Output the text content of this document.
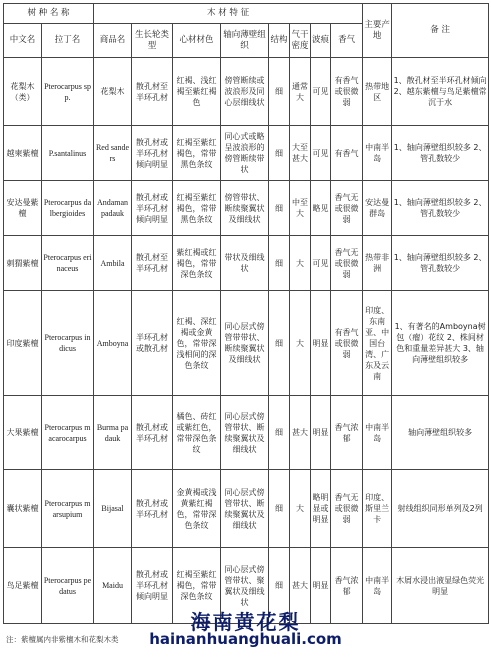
树 种 名 称		木 材 特 征								主要产地	备 注
中文名	拉丁名	商品名	生长轮类型	心材材色	轴向薄壁组织	结构	气干密度	波痕	香气		
花梨木（类）	Pterocarpus spp.	花梨木	散孔材至半环孔材	红褐、浅红褐至紫红褐色	傍管断续或波浪形及同心层细线状	细	通常大	可见	有香气或很微弱	热带地区	1、散孔材至半环孔材倾向 2、越东紫檀与鸟足紫檀常沉于水
越柬紫檀	P.santalinus	Red sanders	散孔材或半环孔材倾向明显	红褐至紫红褐色，常带黑色条纹	同心式或略呈波浪形的傍管断续带状	细	大至甚大	可见	有香气	中南半岛	1、轴向薄壁组织较多 2、管孔数较少
安达曼紫檀	Pterocarpus dalbergioides	Andaman padauk	散孔材或半环孔材倾向明显	红褐至紫红褐色，常带黑色条纹	傍管带状、断续聚翼状及细线状	细	中至大	略见	香气无或很微弱	安达曼群岛	1、轴向薄壁组织较多 2、管孔数较少
刺猬紫檀	Pterocarpus erinaceus	Ambila	散孔材至半环孔材	紫红褐或红褐色，常带深色条纹	带状及细线状	细	大	可见	香气无或很微弱	热带非洲	1、轴向薄壁组织较多 2、管孔数较少
印度紫檀	Pterocarpus indicus	Amboyna	半环孔材或散孔材	红褐、深红褐或金黄色，常带深浅相间的深色条纹	同心层式傍管带带状、断续聚翼状及细线状	细	大	明显	有香气或很微弱	印度、东南亚、中国台湾、广东及云南	1、有著名的Amboyna树包（瘤）花纹 2、株间材色和重量差异甚大 3、轴向薄壁组织较多
大果紫檀	Pterocarpus macarocarpus	Burma padauk	散孔材或半环孔材	橘色、砖红或紫红色，常带深色条纹	同心层式傍管带状、断续聚翼状及细线状	细	甚大	明显	香气浓郁	中南半岛	轴向薄壁组织较多
囊状紫檀	Pterocarpus marsupium	Bijasal	散孔材或半环孔材	金黄褐或浅黄紫红褐色，常带深色条纹	同心层式傍管带状、断续聚翼状及细线状	细	大	略明显或明显	香气无或很微弱	印度、斯里兰卡	射线组织同形单列及2列
鸟足紫檀	Pterocarpus pedatus	Maidu	散孔材或半环孔材倾向明显	红褐至紫红褐色，常带深色条纹	同心层式傍管带状、聚翼状及细线状	细	甚大	明显	香气浓郁	中南半岛	木屑水浸出液显绿色荧光明显
注：紫檀属内非紫檀木和花梨木类
海南黄花梨
hainanhuanghuali.com
